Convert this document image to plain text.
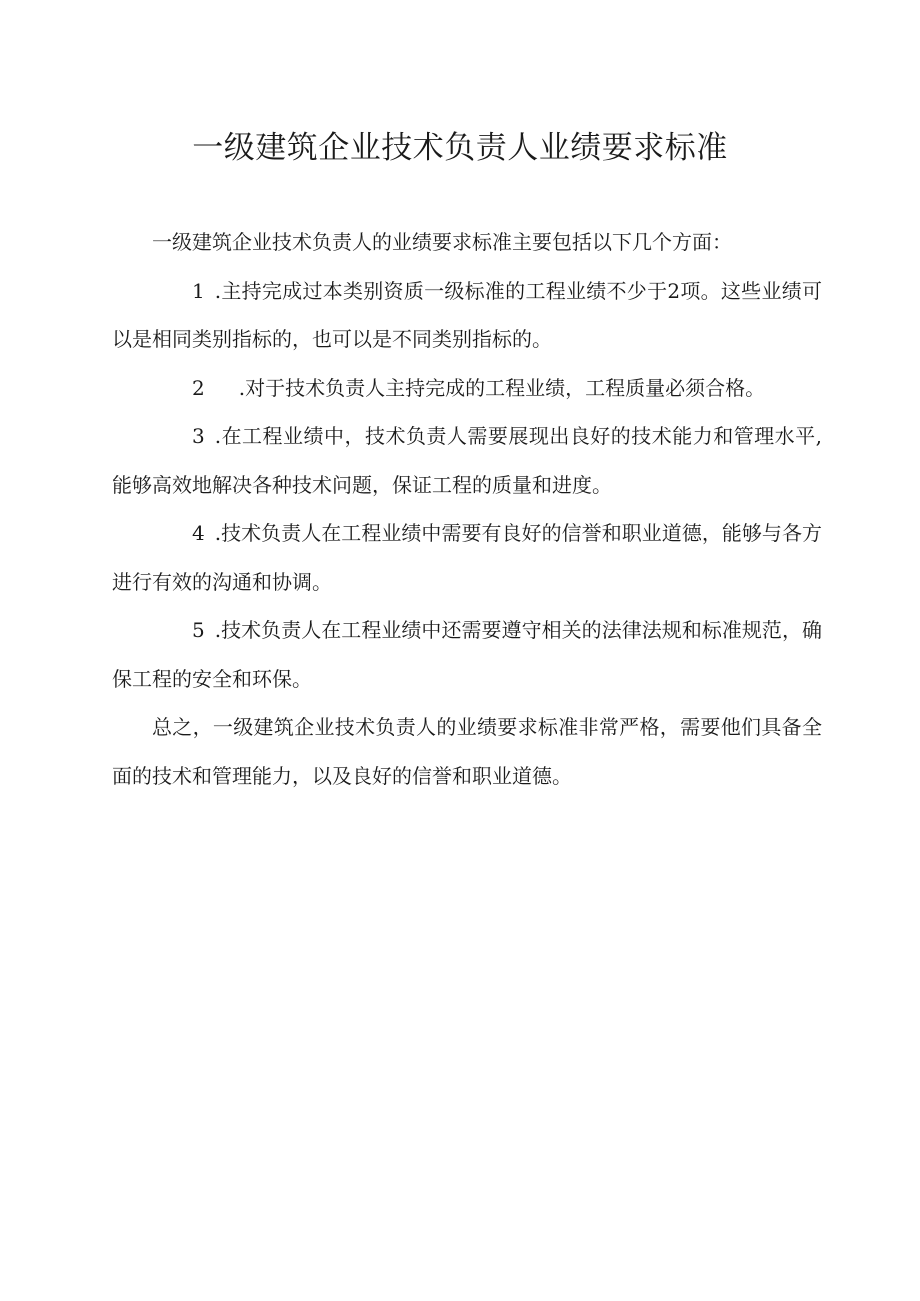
一级建筑企业技术负责人业绩要求标准

一级建筑企业技术负责人的业绩要求标准主要包括以下几个方面：

1 .主持完成过本类别资质一级标准的工程业绩不少于2项。这些业绩可以是相同类别指标的，也可以是不同类别指标的。

2 .对于技术负责人主持完成的工程业绩，工程质量必须合格。

3 .在工程业绩中，技术负责人需要展现出良好的技术能力和管理水平,能够高效地解决各种技术问题，保证工程的质量和进度。

4 .技术负责人在工程业绩中需要有良好的信誉和职业道德，能够与各方进行有效的沟通和协调。

5 .技术负责人在工程业绩中还需要遵守相关的法律法规和标准规范，确保工程的安全和环保。

总之，一级建筑企业技术负责人的业绩要求标准非常严格，需要他们具备全面的技术和管理能力，以及良好的信誉和职业道德。
